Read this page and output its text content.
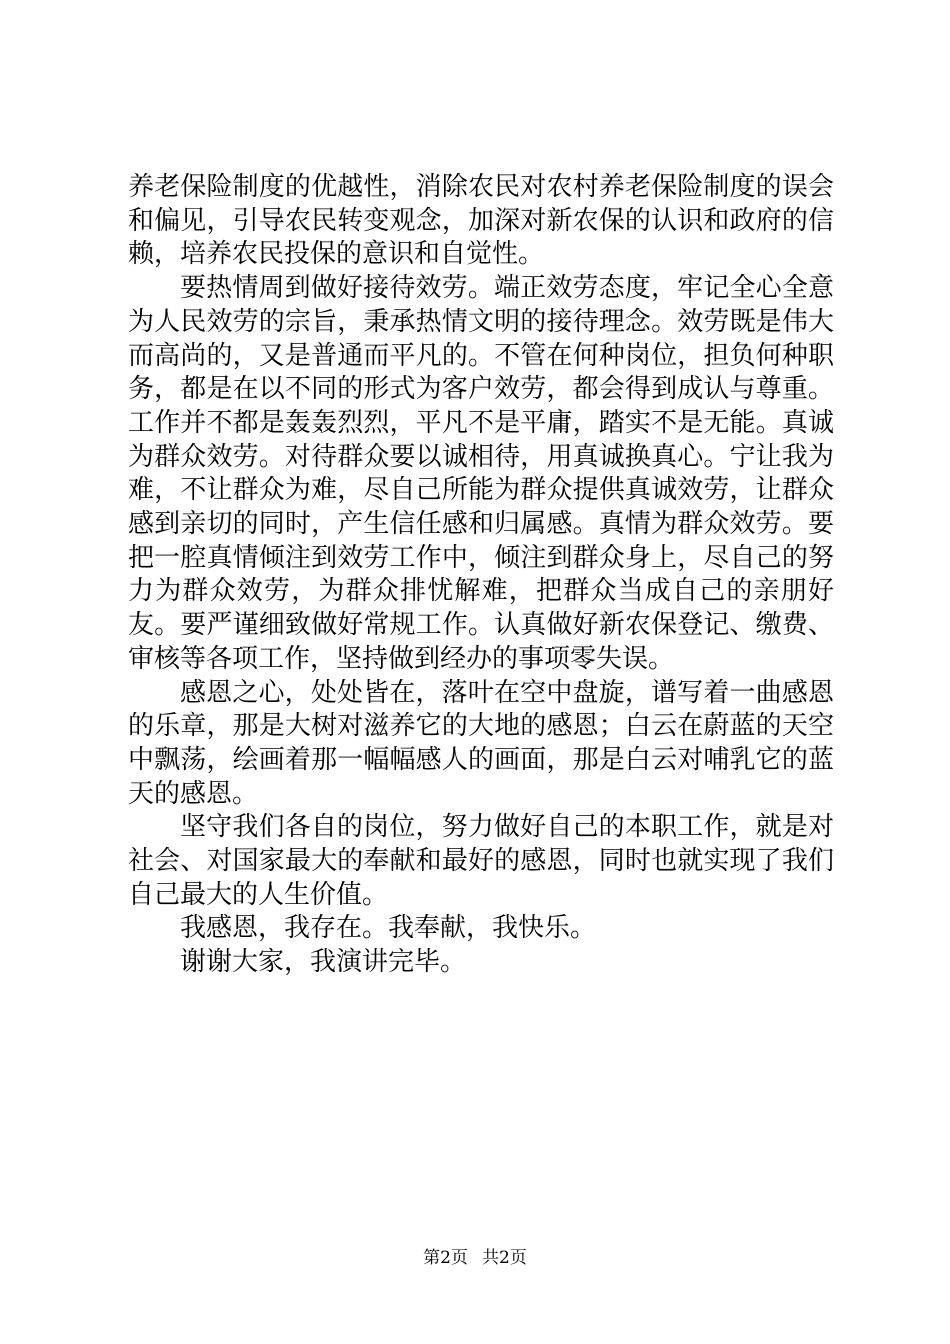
养老保险制度的优越性，消除农民对农村养老保险制度的误会和偏见，引导农民转变观念，加深对新农保的认识和政府的信赖，培养农民投保的意识和自觉性。

要热情周到做好接待效劳。端正效劳态度，牢记全心全意为人民效劳的宗旨，秉承热情文明的接待理念。效劳既是伟大而高尚的，又是普通而平凡的。不管在何种岗位，担负何种职务，都是在以不同的形式为客户效劳，都会得到成认与尊重。工作并不都是轰轰烈烈，平凡不是平庸，踏实不是无能。真诚为群众效劳。对待群众要以诚相待，用真诚换真心。宁让我为难，不让群众为难，尽自己所能为群众提供真诚效劳，让群众感到亲切的同时，产生信任感和归属感。真情为群众效劳。要把一腔真情倾注到效劳工作中，倾注到群众身上，尽自己的努力为群众效劳，为群众排忧解难，把群众当成自己的亲朋好友。要严谨细致做好常规工作。认真做好新农保登记、缴费、审核等各项工作，坚持做到经办的事项零失误。

感恩之心，处处皆在，落叶在空中盘旋，谱写着一曲感恩的乐章，那是大树对滋养它的大地的感恩；白云在蔚蓝的天空中飘荡，绘画着那一幅幅感人的画面，那是白云对哺乳它的蓝天的感恩。

坚守我们各自的岗位，努力做好自己的本职工作，就是对社会、对国家最大的奉献和最好的感恩，同时也就实现了我们自己最大的人生价值。

我感恩，我存在。我奉献，我快乐。

谢谢大家，我演讲完毕。

第2页 共2页
